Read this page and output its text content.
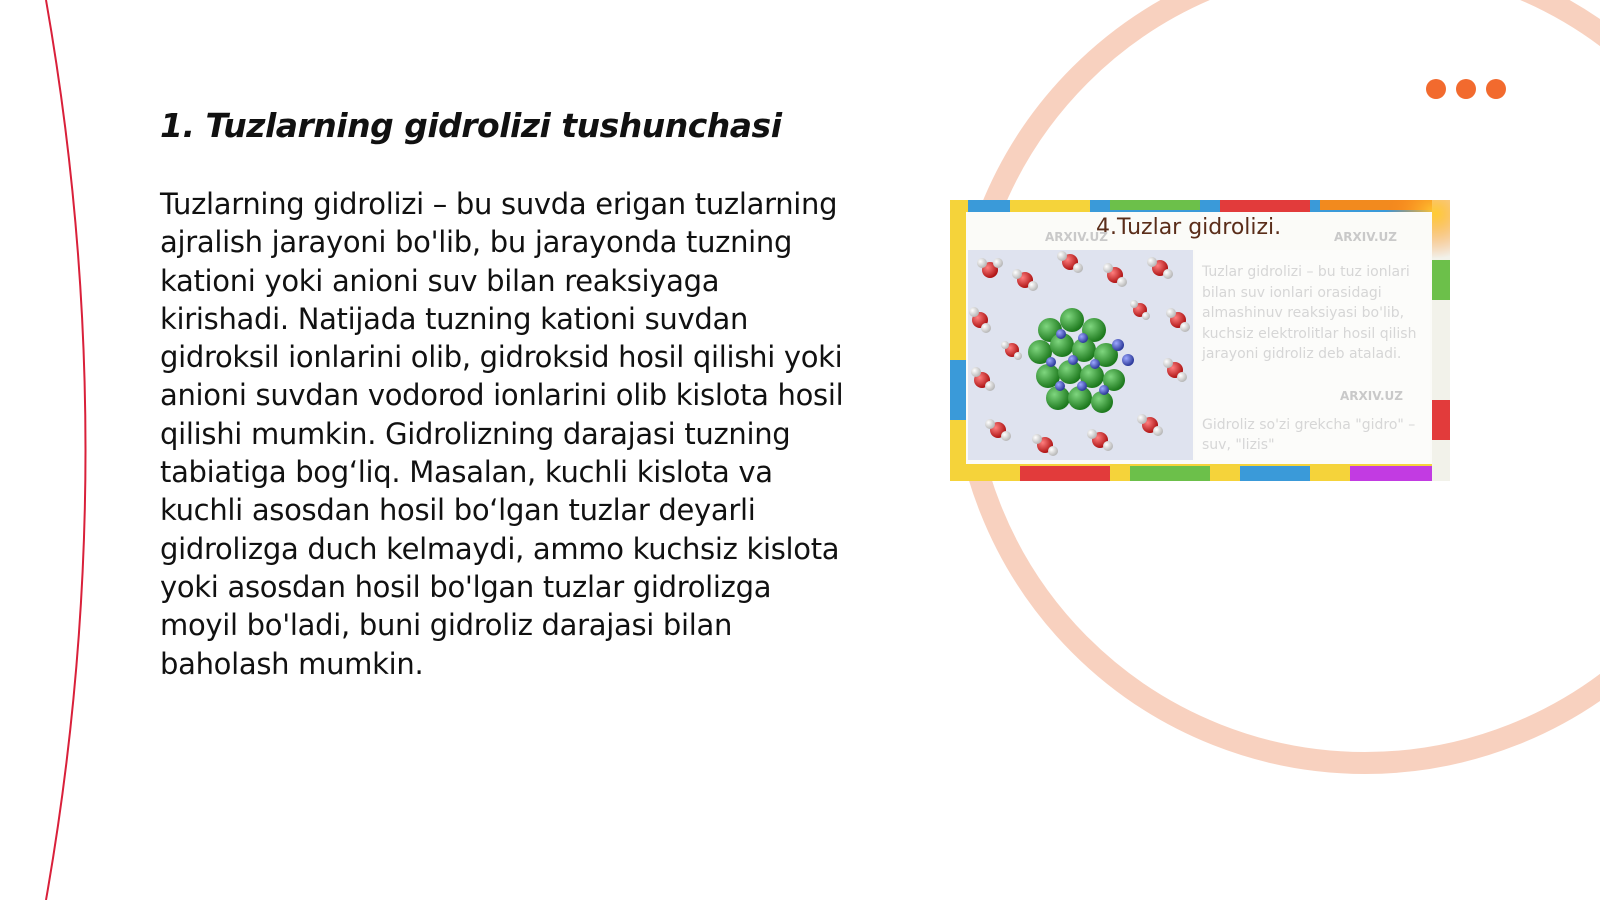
1. Tuzlarning gidrolizi tushunchasi

Tuzlarning gidrolizi – bu suvda erigan tuzlarning ajralish jarayoni bo'lib, bu jarayonda tuzning kationi yoki anioni suv bilan reaksiyaga kirishadi. Natijada tuzning kationi suvdan gidroksil ionlarini olib, gidroksid hosil qilishi yoki anioni suvdan vodorod ionlarini olib kislota hosil qilishi mumkin. Gidrolizning darajasi tuzning tabiatiga bog‘liq. Masalan, kuchli kislota va kuchli asosdan hosil bo‘lgan tuzlar deyarli gidrolizga duch kelmaydi, ammo kuchsiz kislota yoki asosdan hosil bo'lgan tuzlar gidrolizga moyil bo'ladi, buni gidroliz darajasi bilan baholash mumkin.

4.Tuzlar gidrolizi.

ARXIV.UZ	ARXIV.UZ
ARXIV.UZ

Tuzlar gidrolizi – bu tuz ionlari bilan suv ionlari orasidagi almashinuv reaksiyasi bo'lib, kuchsiz elektrolitlar hosil qilish jarayoni gidroliz deb ataladi.

Gidroliz so'zi grekcha "gidro" – suv, "lizis"
